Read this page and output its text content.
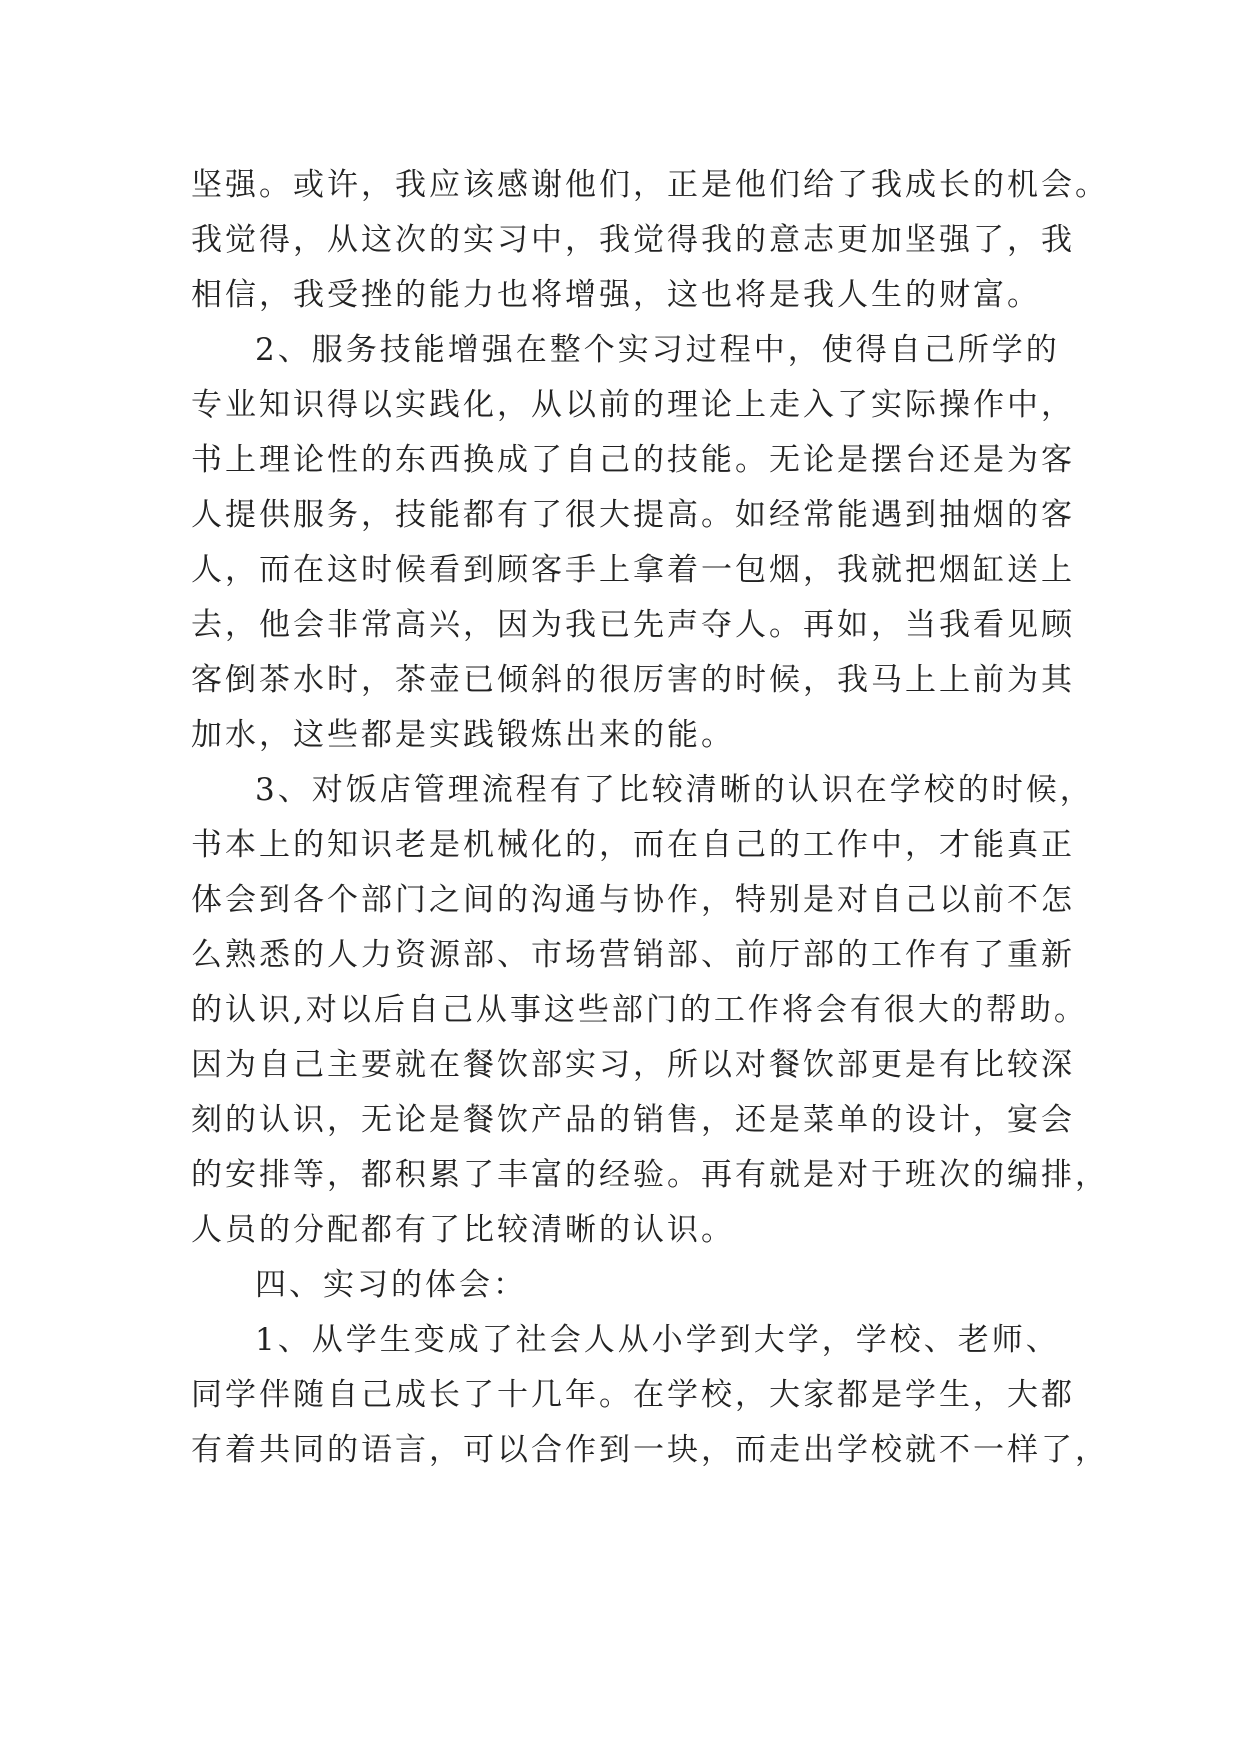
坚强。或许，我应该感谢他们，正是他们给了我成长的机会。
我觉得，从这次的实习中，我觉得我的意志更加坚强了，我
相信，我受挫的能力也将增强，这也将是我人生的财富。
2、服务技能增强在整个实习过程中，使得自己所学的
专业知识得以实践化，从以前的理论上走入了实际操作中，
书上理论性的东西换成了自己的技能。无论是摆台还是为客
人提供服务，技能都有了很大提高。如经常能遇到抽烟的客
人，而在这时候看到顾客手上拿着一包烟，我就把烟缸送上
去，他会非常高兴，因为我已先声夺人。再如，当我看见顾
客倒茶水时，茶壶已倾斜的很厉害的时候，我马上上前为其
加水，这些都是实践锻炼出来的能。
3、对饭店管理流程有了比较清晰的认识在学校的时候，
书本上的知识老是机械化的，而在自己的工作中，才能真正
体会到各个部门之间的沟通与协作，特别是对自己以前不怎
么熟悉的人力资源部、市场营销部、前厅部的工作有了重新
的认识,对以后自己从事这些部门的工作将会有很大的帮助。
因为自己主要就在餐饮部实习，所以对餐饮部更是有比较深
刻的认识，无论是餐饮产品的销售，还是菜单的设计，宴会
的安排等，都积累了丰富的经验。再有就是对于班次的编排，
人员的分配都有了比较清晰的认识。
四、实习的体会：
1、从学生变成了社会人从小学到大学，学校、老师、
同学伴随自己成长了十几年。在学校，大家都是学生，大都
有着共同的语言，可以合作到一块，而走出学校就不一样了，
